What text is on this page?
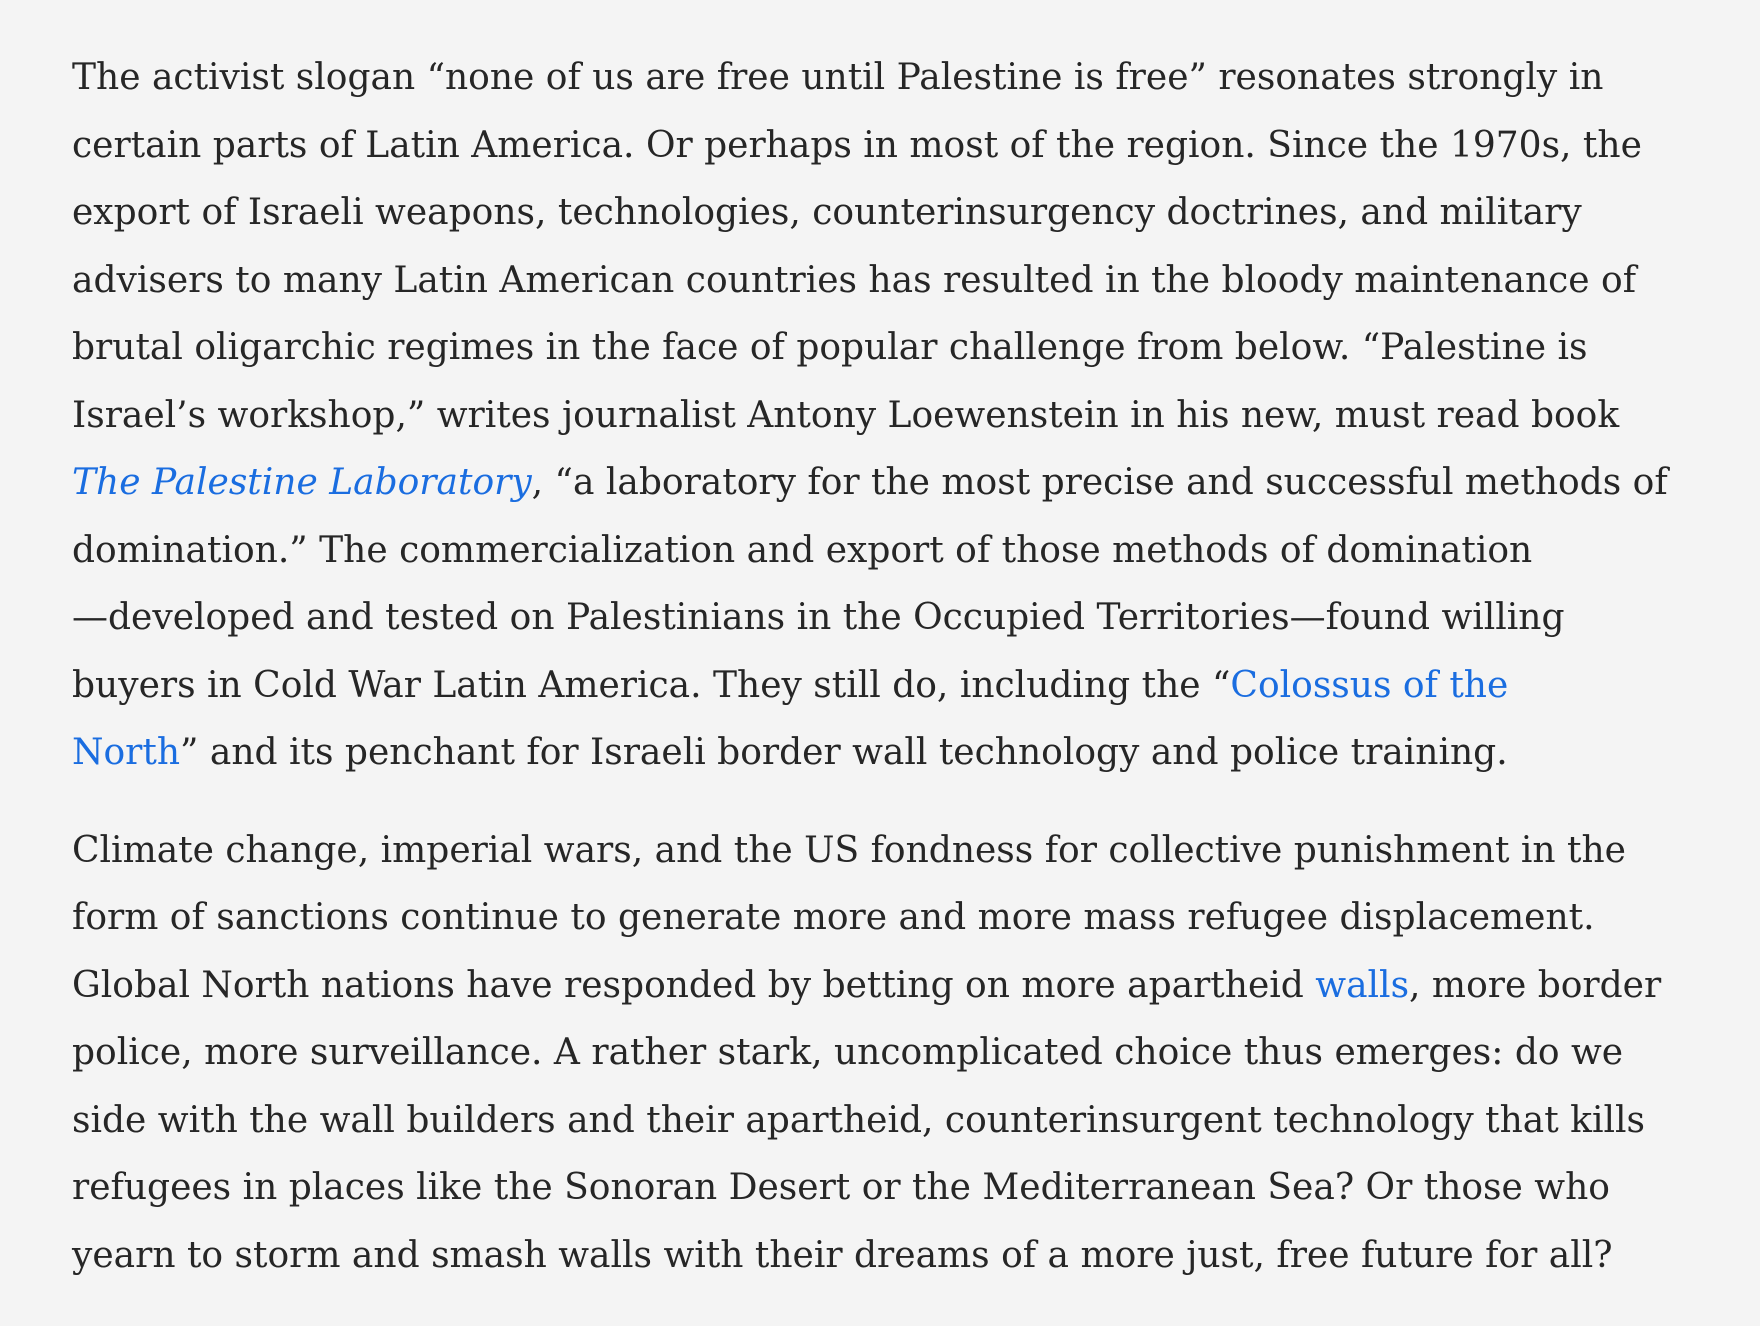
The activist slogan “none of us are free until Palestine is free” resonates strongly in
certain parts of Latin America. Or perhaps in most of the region. Since the 1970s, the
export of Israeli weapons, technologies, counterinsurgency doctrines, and military
advisers to many Latin American countries has resulted in the bloody maintenance of
brutal oligarchic regimes in the face of popular challenge from below. “Palestine is
Israel’s workshop,” writes journalist Antony Loewenstein in his new, must read book
The Palestine Laboratory, “a laboratory for the most precise and successful methods of
domination.” The commercialization and export of those methods of domination
—developed and tested on Palestinians in the Occupied Territories—found willing
buyers in Cold War Latin America. They still do, including the “Colossus of the
North” and its penchant for Israeli border wall technology and police training.

Climate change, imperial wars, and the US fondness for collective punishment in the
form of sanctions continue to generate more and more mass refugee displacement.
Global North nations have responded by betting on more apartheid walls, more border
police, more surveillance. A rather stark, uncomplicated choice thus emerges: do we
side with the wall builders and their apartheid, counterinsurgent technology that kills
refugees in places like the Sonoran Desert or the Mediterranean Sea? Or those who
yearn to storm and smash walls with their dreams of a more just, free future for all?
